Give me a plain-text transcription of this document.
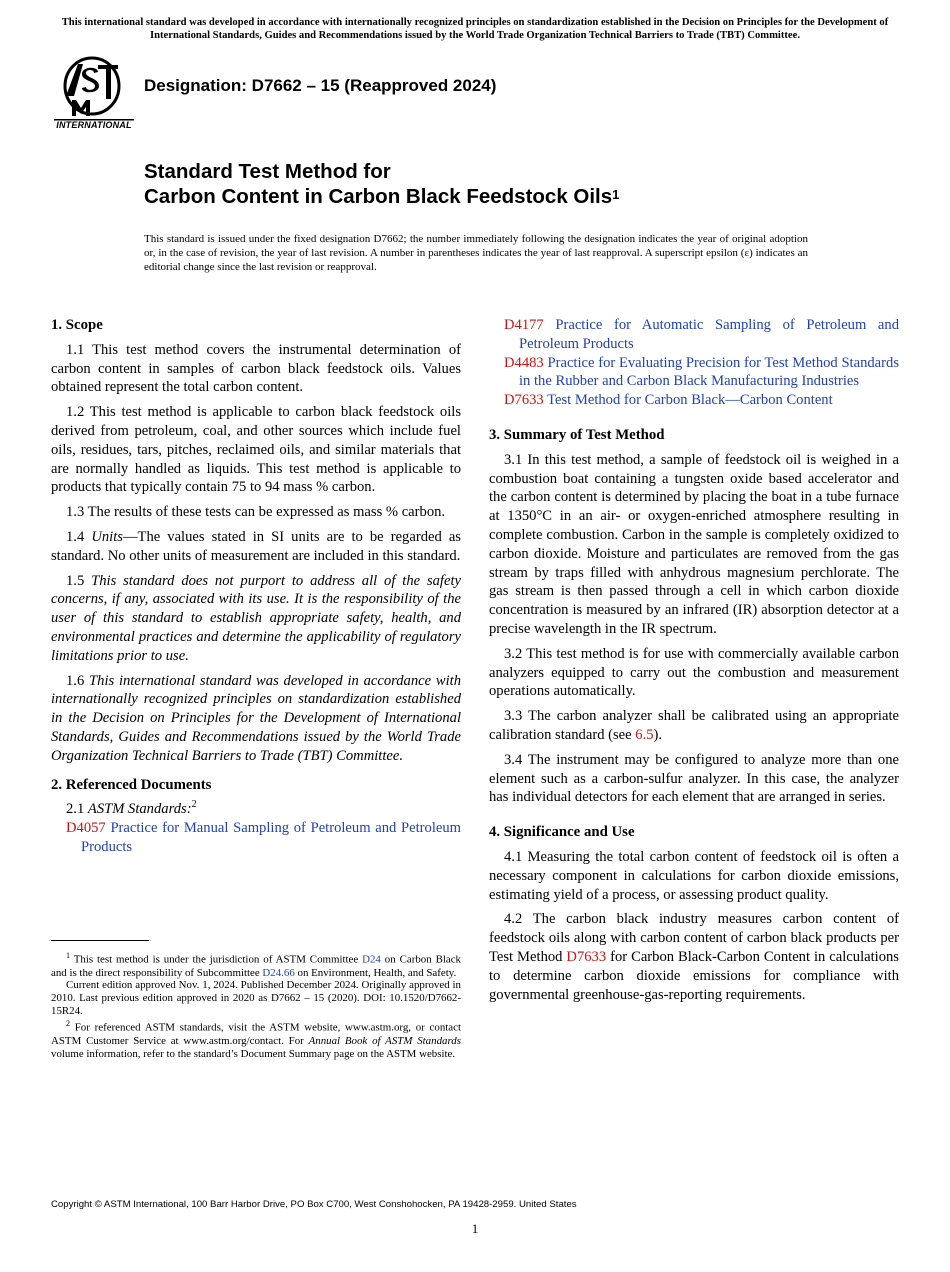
This international standard was developed in accordance with internationally recognized principles on standardization established in the Decision on Principles for the Development of International Standards, Guides and Recommendations issued by the World Trade Organization Technical Barriers to Trade (TBT) Committee.
INTERNATIONAL
Designation: D7662 – 15 (Reapproved 2024)
Standard Test Method for
Carbon Content in Carbon Black Feedstock Oils$^1$
This standard is issued under the fixed designation D7662; the number immediately following the designation indicates the year of original adoption or, in the case of revision, the year of last revision. A number in parentheses indicates the year of last reapproval. A superscript epsilon (ε) indicates an editorial change since the last revision or reapproval.
1. Scope

1.1 This test method covers the instrumental determination of carbon content in samples of carbon black feedstock oils. Values obtained represent the total carbon content.

1.2 This test method is applicable to carbon black feedstock oils derived from petroleum, coal, and other sources which include fuel oils, residues, tars, pitches, reclaimed oils, and similar materials that are normally handled as liquids. This test method is applicable to products that typically contain 75 to 94 mass % carbon.

1.3 The results of these tests can be expressed as mass % carbon.

1.4 Units—The values stated in SI units are to be regarded as standard. No other units of measurement are included in this standard.

1.5 This standard does not purport to address all of the safety concerns, if any, associated with its use. It is the responsibility of the user of this standard to establish appropriate safety, health, and environmental practices and determine the applicability of regulatory limitations prior to use.

1.6 This international standard was developed in accordance with internationally recognized principles on standardization established in the Decision on Principles for the Development of International Standards, Guides and Recommendations issued by the World Trade Organization Technical Barriers to Trade (TBT) Committee.

2. Referenced Documents

2.1 ASTM Standards:$^2$

D4057 Practice for Manual Sampling of Petroleum and Petroleum Products

$^1$ This test method is under the jurisdiction of ASTM Committee D24 on Carbon Black and is the direct responsibility of Subcommittee D24.66 on Environment, Health, and Safety.

Current edition approved Nov. 1, 2024. Published December 2024. Originally approved in 2010. Last previous edition approved in 2020 as D7662 – 15 (2020). DOI: 10.1520/D7662-15R24.

$^2$ For referenced ASTM standards, visit the ASTM website, www.astm.org, or contact ASTM Customer Service at www.astm.org/contact. For Annual Book of ASTM Standards volume information, refer to the standard’s Document Summary page on the ASTM website.

D4177 Practice for Automatic Sampling of Petroleum and Petroleum Products
D4483 Practice for Evaluating Precision for Test Method Standards in the Rubber and Carbon Black Manufacturing Industries
D7633 Test Method for Carbon Black—Carbon Content
3. Summary of Test Method

3.1 In this test method, a sample of feedstock oil is weighed in a combustion boat containing a tungsten oxide based accelerator and the carbon content is determined by placing the boat in a tube furnace at 1350°C in an air- or oxygen-enriched atmosphere resulting in complete combustion. Carbon in the sample is completely oxidized to carbon dioxide. Moisture and particulates are removed from the gas stream by traps filled with anhydrous magnesium perchlorate. The gas stream is then passed through a cell in which carbon dioxide concentration is measured by an infrared (IR) absorption detector at a precise wavelength in the IR spectrum.

3.2 This test method is for use with commercially available carbon analyzers equipped to carry out the combustion and measurement operations automatically.

3.3 The carbon analyzer shall be calibrated using an appropriate calibration standard (see 6.5).

3.4 The instrument may be configured to analyze more than one element such as a carbon-sulfur analyzer. In this case, the analyzer has individual detectors for each element that are arranged in series.

4. Significance and Use

4.1 Measuring the total carbon content of feedstock oil is often a necessary component in calculations for carbon dioxide emissions, estimating yield of a process, or assessing product quality.

4.2 The carbon black industry measures carbon content of feedstock oils along with carbon content of carbon black products per Test Method D7633 for Carbon Black-Carbon Content in calculations to determine carbon dioxide emissions for compliance with governmental greenhouse-gas-reporting requirements.

Copyright © ASTM International, 100 Barr Harbor Drive, PO Box C700, West Conshohocken, PA 19428-2959. United States
1
